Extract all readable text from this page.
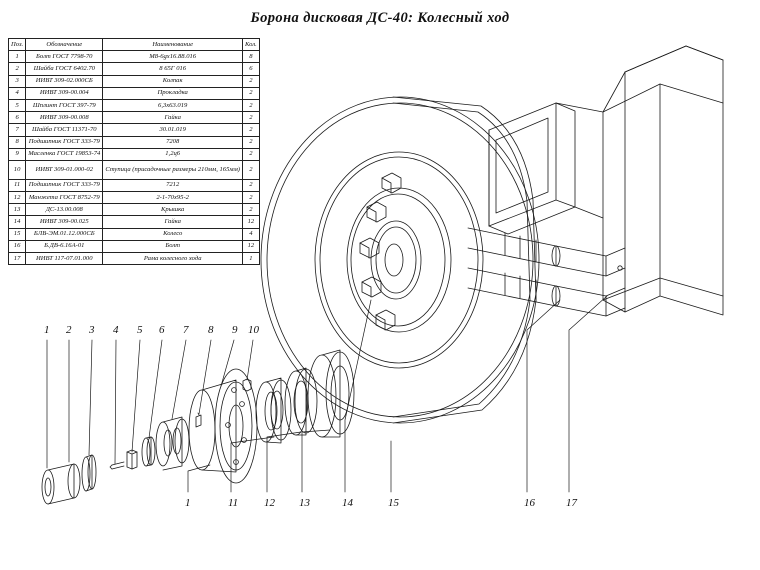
Борона дисковая ДС-40: Колесный ход
Поз.	Обозначение	Наименование	Кол.
1	Болт ГОСТ 7798-70	М8-6gx16.88.016	8
2	Шайба ГОСТ 6402.70	8 65Г 016	6
3	ИИВТ 309-02.000СБ	Колпак	2
4	ИИВТ 309-00.004	Прокладка	2
5	Шплинт ГОСТ 397-79	6,3х63.019	2
6	ИИВТ 309-00.008	Гайка	2
7	Шайба ГОСТ 11371-70	30.01.019	2
8	Подшипник ГОСТ 333-79	7208	2
9	Масленка ГОСТ 19853-74	1,2ц6	2
10	ИИВТ 309-01.000-02	Ступица (присадочные размеры 210мм, 165мм)	2
11	Подшипник ГОСТ 333-79	7212	2
12	Манжета ГОСТ 8752-79	2-1-70х95-2	2
13	ДС-13.00.008	Крышка	2
14	ИИВТ 309-00.025	Гайка	12
15	БЛВ-ЭМ.01.12.000СБ	Колесо	4
16	Б.ДВ-6.16А-01	Болт	12
17	ИИВТ 117-07.01.000	Рама колесного хода	1
1 2 3 4 5 6 7 8 9 10
1	11 12 13	14	15	16	17
